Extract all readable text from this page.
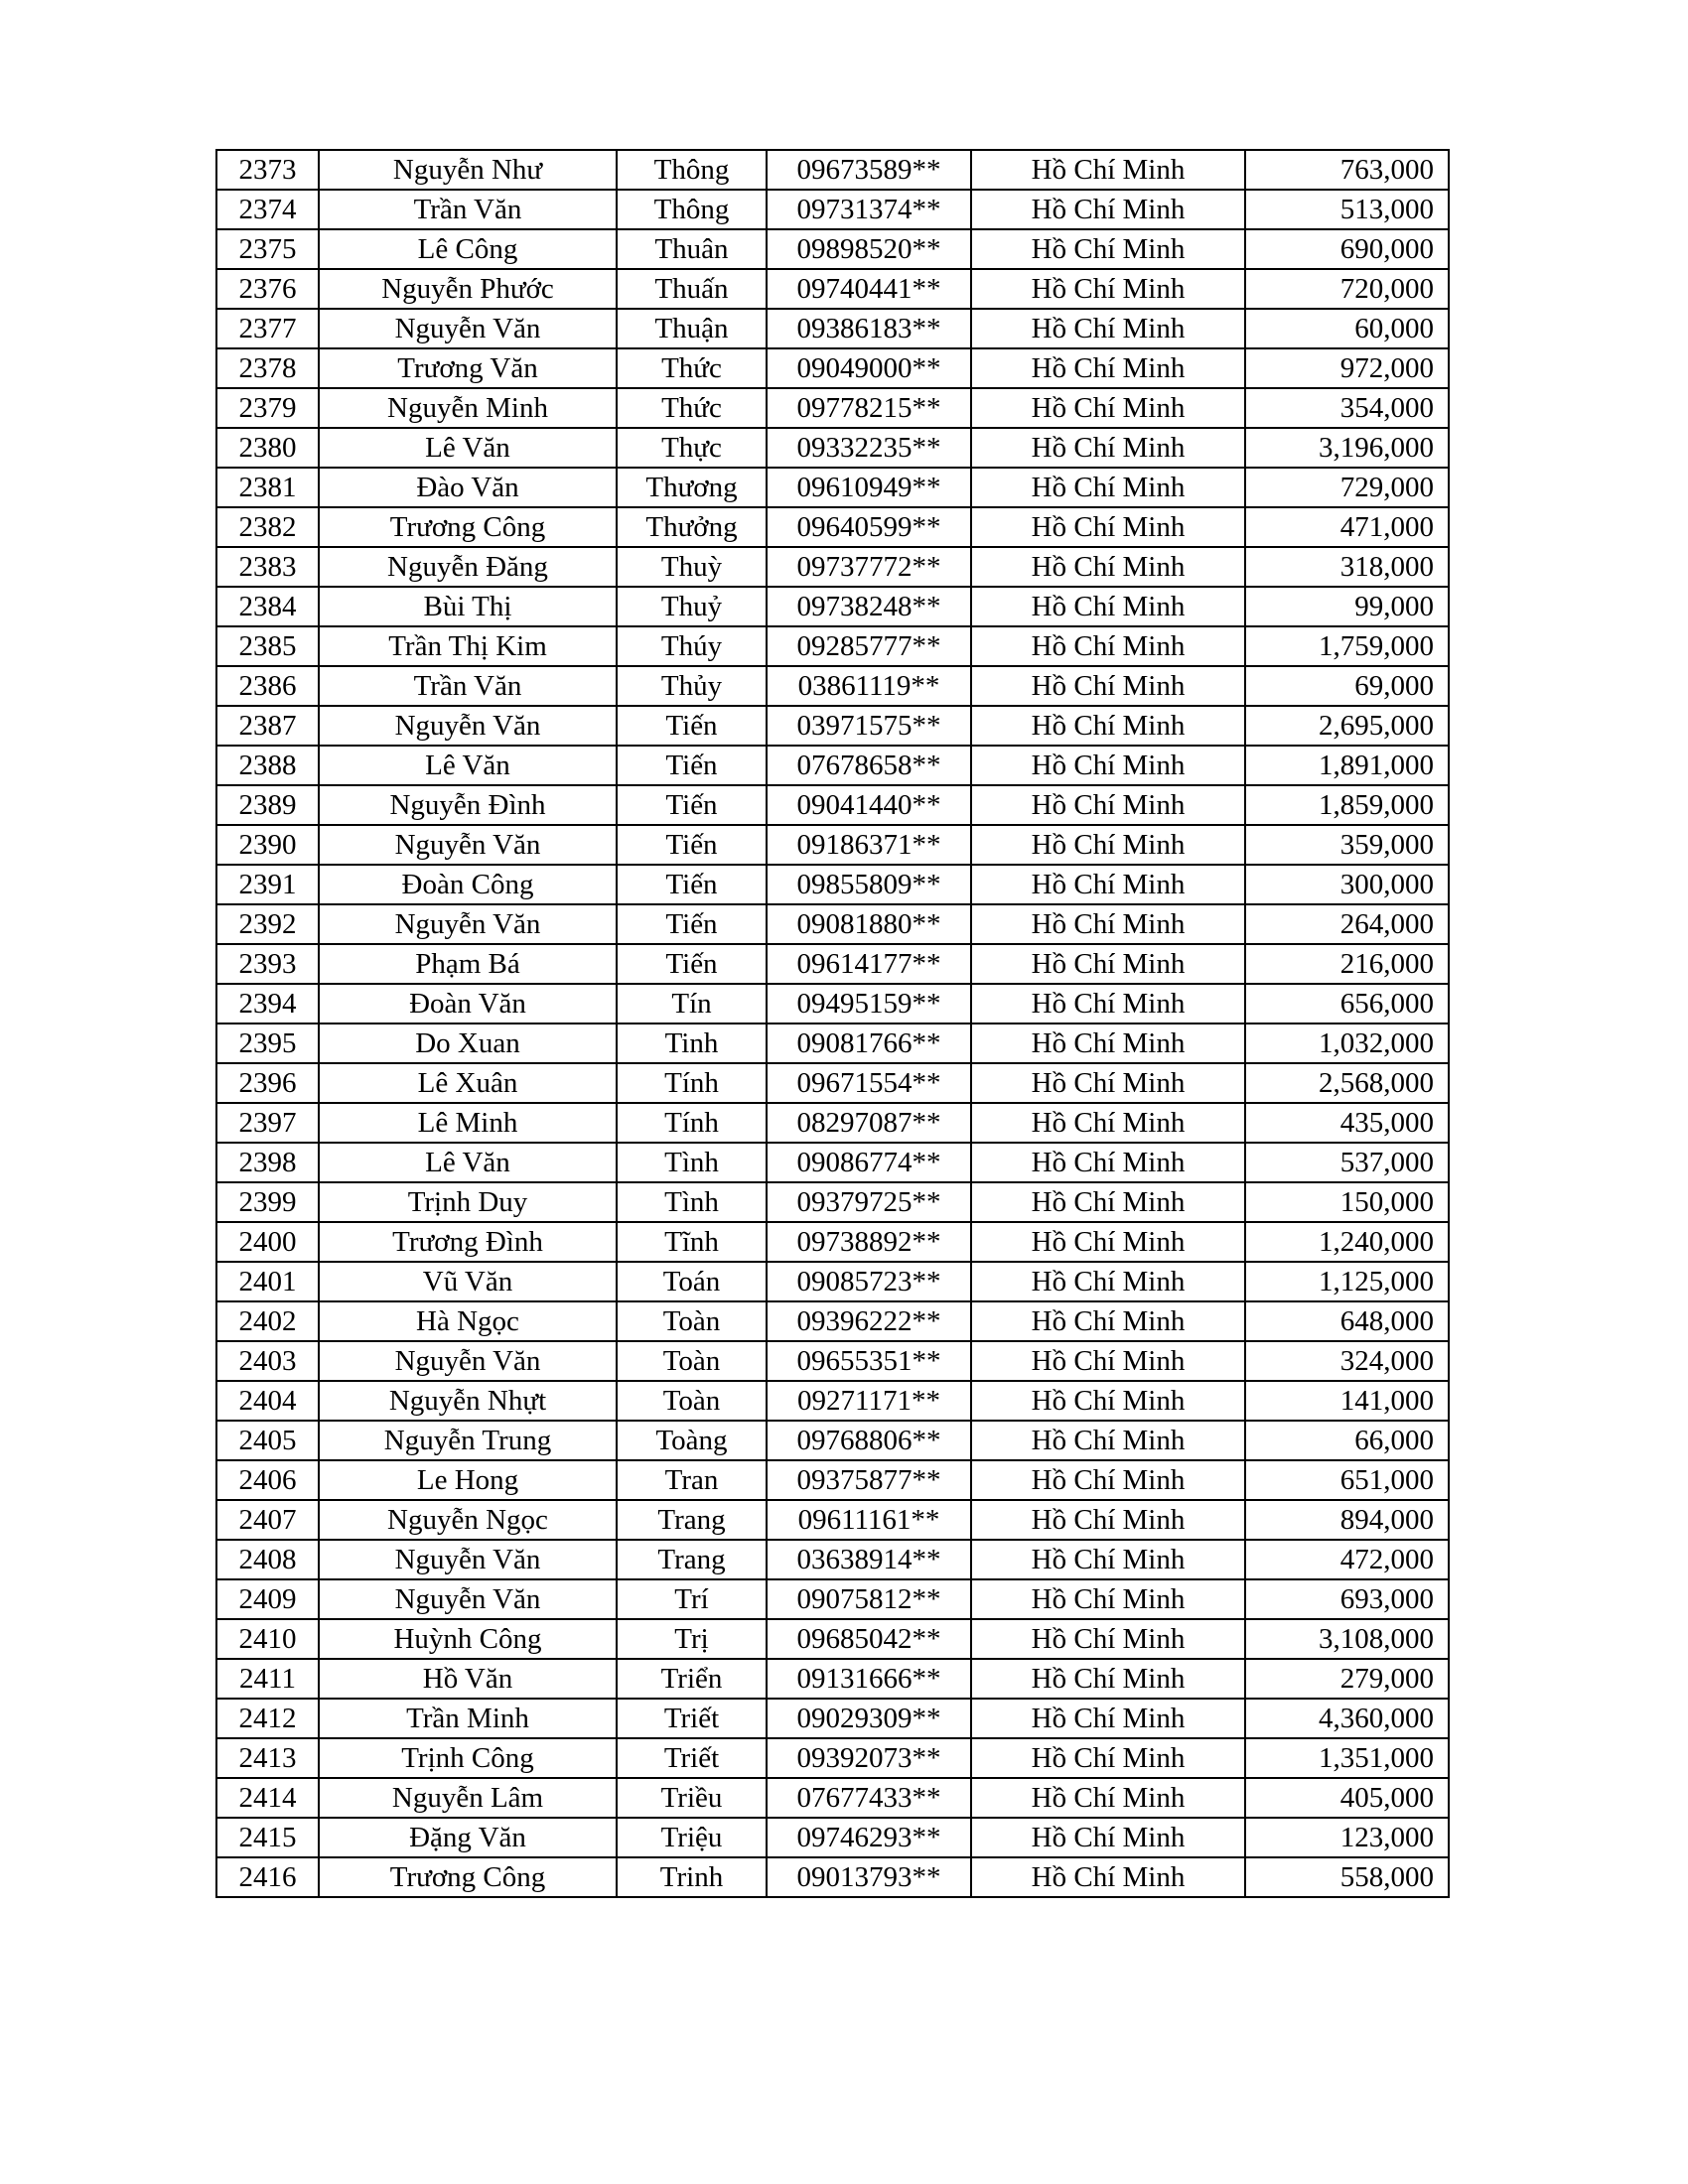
2373	Nguyễn Như	Thông	09673589**	Hồ Chí Minh	763,000
2374	Trần Văn	Thông	09731374**	Hồ Chí Minh	513,000
2375	Lê Công	Thuân	09898520**	Hồ Chí Minh	690,000
2376	Nguyễn Phước	Thuấn	09740441**	Hồ Chí Minh	720,000
2377	Nguyễn Văn	Thuận	09386183**	Hồ Chí Minh	60,000
2378	Trương Văn	Thức	09049000**	Hồ Chí Minh	972,000
2379	Nguyễn Minh	Thức	09778215**	Hồ Chí Minh	354,000
2380	Lê Văn	Thực	09332235**	Hồ Chí Minh	3,196,000
2381	Đào Văn	Thương	09610949**	Hồ Chí Minh	729,000
2382	Trương Công	Thưởng	09640599**	Hồ Chí Minh	471,000
2383	Nguyễn Đăng	Thuỳ	09737772**	Hồ Chí Minh	318,000
2384	Bùi Thị	Thuỷ	09738248**	Hồ Chí Minh	99,000
2385	Trần Thị Kim	Thúy	09285777**	Hồ Chí Minh	1,759,000
2386	Trần Văn	Thủy	03861119**	Hồ Chí Minh	69,000
2387	Nguyễn Văn	Tiến	03971575**	Hồ Chí Minh	2,695,000
2388	Lê Văn	Tiến	07678658**	Hồ Chí Minh	1,891,000
2389	Nguyễn Đình	Tiến	09041440**	Hồ Chí Minh	1,859,000
2390	Nguyễn Văn	Tiến	09186371**	Hồ Chí Minh	359,000
2391	Đoàn Công	Tiến	09855809**	Hồ Chí Minh	300,000
2392	Nguyễn Văn	Tiến	09081880**	Hồ Chí Minh	264,000
2393	Phạm Bá	Tiến	09614177**	Hồ Chí Minh	216,000
2394	Đoàn Văn	Tín	09495159**	Hồ Chí Minh	656,000
2395	Do Xuan	Tinh	09081766**	Hồ Chí Minh	1,032,000
2396	Lê Xuân	Tính	09671554**	Hồ Chí Minh	2,568,000
2397	Lê Minh	Tính	08297087**	Hồ Chí Minh	435,000
2398	Lê Văn	Tình	09086774**	Hồ Chí Minh	537,000
2399	Trịnh Duy	Tình	09379725**	Hồ Chí Minh	150,000
2400	Trương Đình	Tĩnh	09738892**	Hồ Chí Minh	1,240,000
2401	Vũ Văn	Toán	09085723**	Hồ Chí Minh	1,125,000
2402	Hà Ngọc	Toàn	09396222**	Hồ Chí Minh	648,000
2403	Nguyễn Văn	Toàn	09655351**	Hồ Chí Minh	324,000
2404	Nguyễn Nhựt	Toàn	09271171**	Hồ Chí Minh	141,000
2405	Nguyễn Trung	Toàng	09768806**	Hồ Chí Minh	66,000
2406	Le Hong	Tran	09375877**	Hồ Chí Minh	651,000
2407	Nguyễn Ngọc	Trang	09611161**	Hồ Chí Minh	894,000
2408	Nguyễn Văn	Trang	03638914**	Hồ Chí Minh	472,000
2409	Nguyễn Văn	Trí	09075812**	Hồ Chí Minh	693,000
2410	Huỳnh Công	Trị	09685042**	Hồ Chí Minh	3,108,000
2411	Hồ Văn	Triển	09131666**	Hồ Chí Minh	279,000
2412	Trần Minh	Triết	09029309**	Hồ Chí Minh	4,360,000
2413	Trịnh Công	Triết	09392073**	Hồ Chí Minh	1,351,000
2414	Nguyễn Lâm	Triều	07677433**	Hồ Chí Minh	405,000
2415	Đặng Văn	Triệu	09746293**	Hồ Chí Minh	123,000
2416	Trương Công	Trinh	09013793**	Hồ Chí Minh	558,000
